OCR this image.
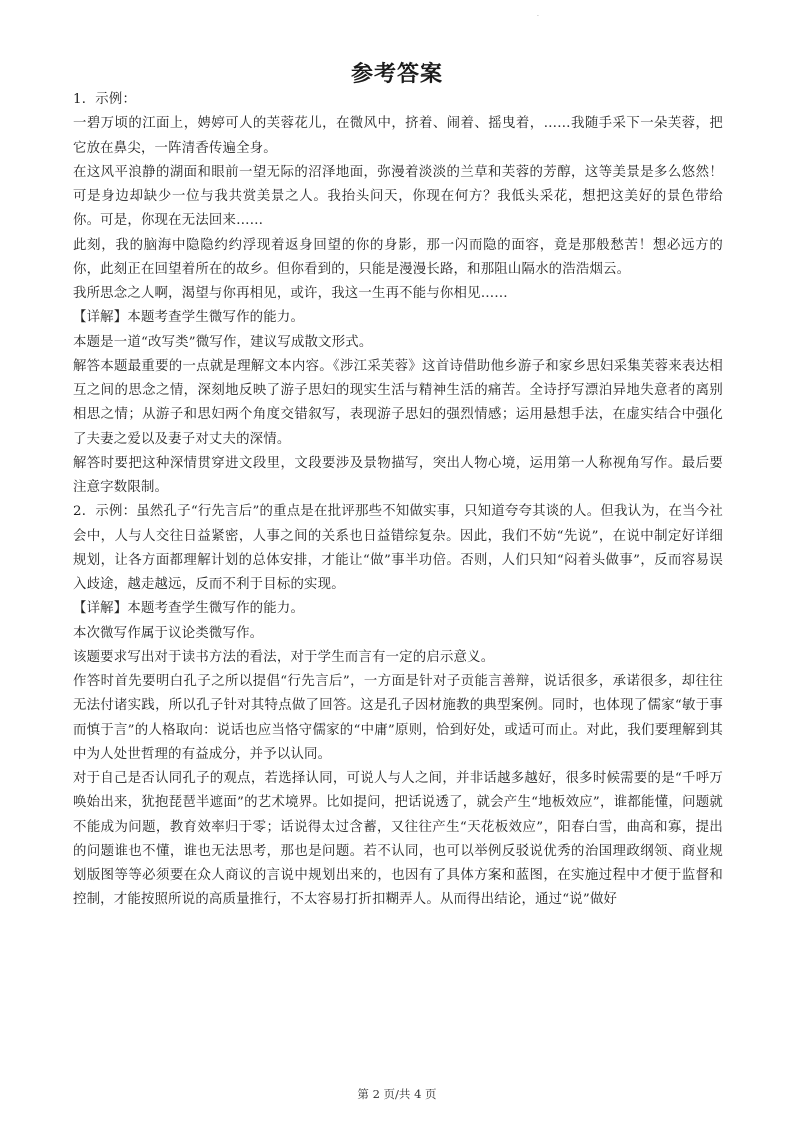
·
参考答案

1．示例：

一碧万顷的江面上，娉婷可人的芙蓉花儿，在微风中，挤着、闹着、摇曳着，……我随手采下一朵芙蓉，把它放在鼻尖，一阵清香传遍全身。

在这风平浪静的湖面和眼前一望无际的沼泽地面，弥漫着淡淡的兰草和芙蓉的芳醇，这等美景是多么悠然！可是身边却缺少一位与我共赏美景之人。我抬头问天，你现在何方？我低头采花，想把这美好的景色带给你。可是，你现在无法回来……

此刻，我的脑海中隐隐约约浮现着返身回望的你的身影，那一闪而隐的面容，竟是那般愁苦！想必远方的你，此刻正在回望着所在的故乡。但你看到的，只能是漫漫长路，和那阻山隔水的浩浩烟云。

我所思念之人啊，渴望与你再相见，或许，我这一生再不能与你相见……

【详解】本题考查学生微写作的能力。

本题是一道“改写类”微写作，建议写成散文形式。

解答本题最重要的一点就是理解文本内容。《涉江采芙蓉》这首诗借助他乡游子和家乡思妇采集芙蓉来表达相互之间的思念之情，深刻地反映了游子思妇的现实生活与精神生活的痛苦。全诗抒写漂泊异地失意者的离别相思之情；从游子和思妇两个角度交错叙写，表现游子思妇的强烈情感；运用悬想手法，在虚实结合中强化了夫妻之爱以及妻子对丈夫的深情。

解答时要把这种深情贯穿进文段里，文段要涉及景物描写，突出人物心境，运用第一人称视角写作。最后要注意字数限制。

2．示例：虽然孔子“行先言后”的重点是在批评那些不知做实事，只知道夸夸其谈的人。但我认为，在当今社会中，人与人交往日益紧密，人事之间的关系也日益错综复杂。因此，我们不妨“先说”，在说中制定好详细规划，让各方面都理解计划的总体安排，才能让“做”事半功倍。否则，人们只知“闷着头做事”，反而容易误入歧途，越走越远，反而不利于目标的实现。

【详解】本题考查学生微写作的能力。

本次微写作属于议论类微写作。

该题要求写出对于读书方法的看法，对于学生而言有一定的启示意义。

作答时首先要明白孔子之所以提倡“行先言后”，一方面是针对子贡能言善辩，说话很多，承诺很多，却往往无法付诸实践，所以孔子针对其特点做了回答。这是孔子因材施教的典型案例。同时，也体现了儒家“敏于事而慎于言”的人格取向：说话也应当恪守儒家的“中庸”原则，恰到好处，或适可而止。对此，我们要理解到其中为人处世哲理的有益成分，并予以认同。

对于自己是否认同孔子的观点，若选择认同，可说人与人之间，并非话越多越好，很多时候需要的是“千呼万唤始出来，犹抱琵琶半遮面”的艺术境界。比如提问，把话说透了，就会产生“地板效应”，谁都能懂，问题就不能成为问题，教育效率归于零；话说得太过含蓄，又往往产生“天花板效应”，阳春白雪，曲高和寡，提出的问题谁也不懂，谁也无法思考，那也是问题。若不认同，也可以举例反驳说优秀的治国理政纲领、商业规划版图等等必须要在众人商议的言说中规划出来的，也因有了具体方案和蓝图，在实施过程中才便于监督和控制，才能按照所说的高质量推行，不太容易打折扣糊弄人。从而得出结论，通过“说”做好

第 2 页/共 4 页
